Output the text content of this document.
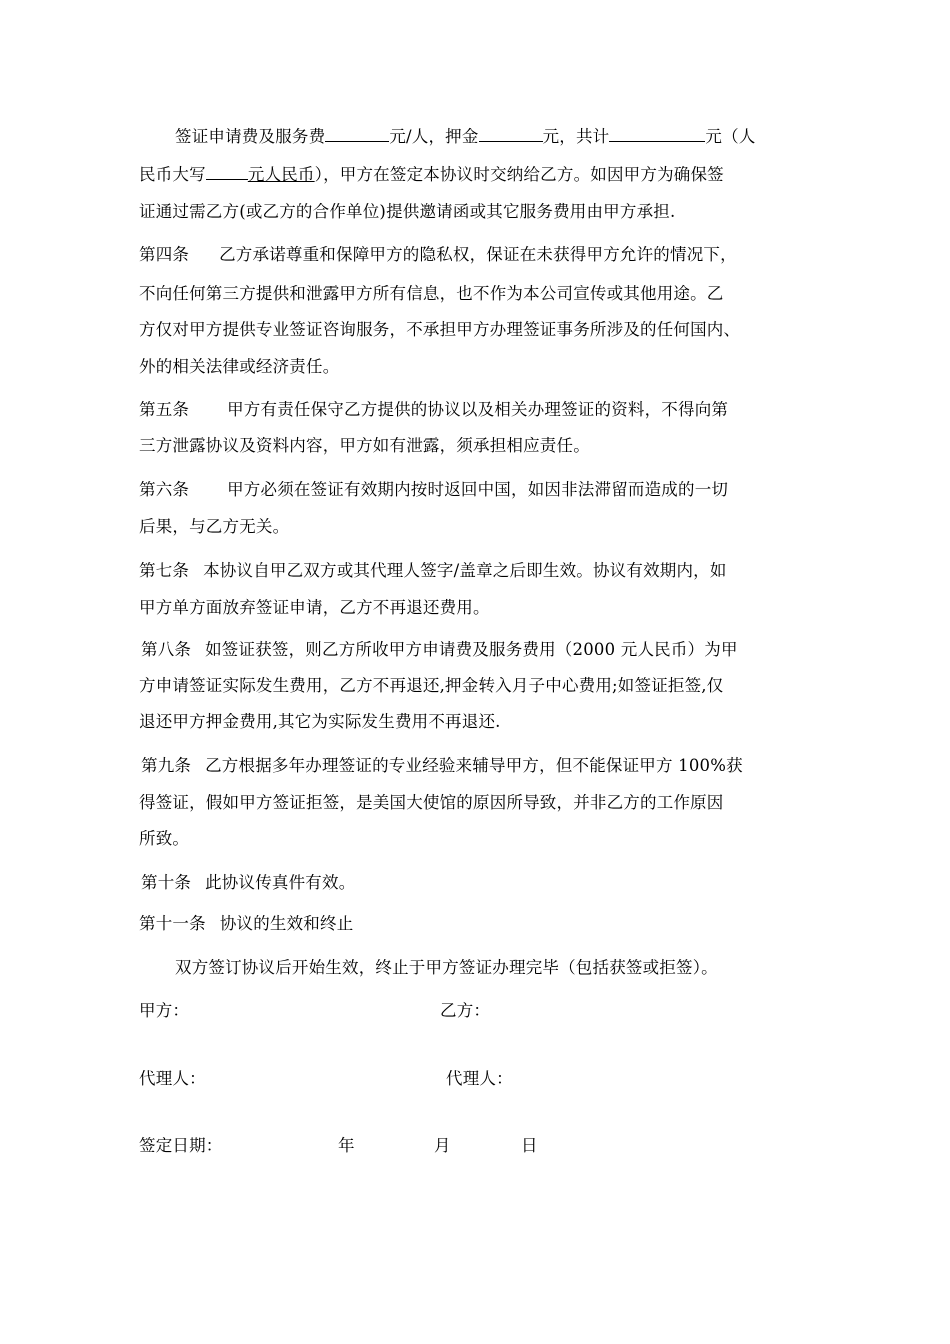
签证申请费及服务费	元/人，押金	元，共计	元（人
民币大写	元人民币），甲方在签定本协议时交纳给乙方。如因甲方为确保签
证通过需乙方(或乙方的合作单位)提供邀请函或其它服务费用由甲方承担.
第四条 乙方承诺尊重和保障甲方的隐私权，保证在未获得甲方允许的情况下，
不向任何第三方提供和泄露甲方所有信息，也不作为本公司宣传或其他用途。乙
方仅对甲方提供专业签证咨询服务，不承担甲方办理签证事务所涉及的任何国内、
外的相关法律或经济责任。
第五条 甲方有责任保守乙方提供的协议以及相关办理签证的资料，不得向第
三方泄露协议及资料内容，甲方如有泄露，须承担相应责任。
第六条 甲方必须在签证有效期内按时返回中国，如因非法滞留而造成的一切
后果，与乙方无关。
第七条 本协议自甲乙双方或其代理人签字/盖章之后即生效。协议有效期内，如
甲方单方面放弃签证申请，乙方不再退还费用。
第八条 如签证获签，则乙方所收甲方申请费及服务费用（2000 元人民币）为甲
方申请签证实际发生费用，乙方不再退还,押金转入月子中心费用;如签证拒签,仅
退还甲方押金费用,其它为实际发生费用不再退还.
第九条 乙方根据多年办理签证的专业经验来辅导甲方，但不能保证甲方 100%获
得签证，假如甲方签证拒签，是美国大使馆的原因所导致，并非乙方的工作原因
所致。
第十条 此协议传真件有效。
第十一条 协议的生效和终止
双方签订协议后开始生效，终止于甲方签证办理完毕（包括获签或拒签）。
甲方：	乙方：
代理人：	代理人：
签定日期：	年	月	日
